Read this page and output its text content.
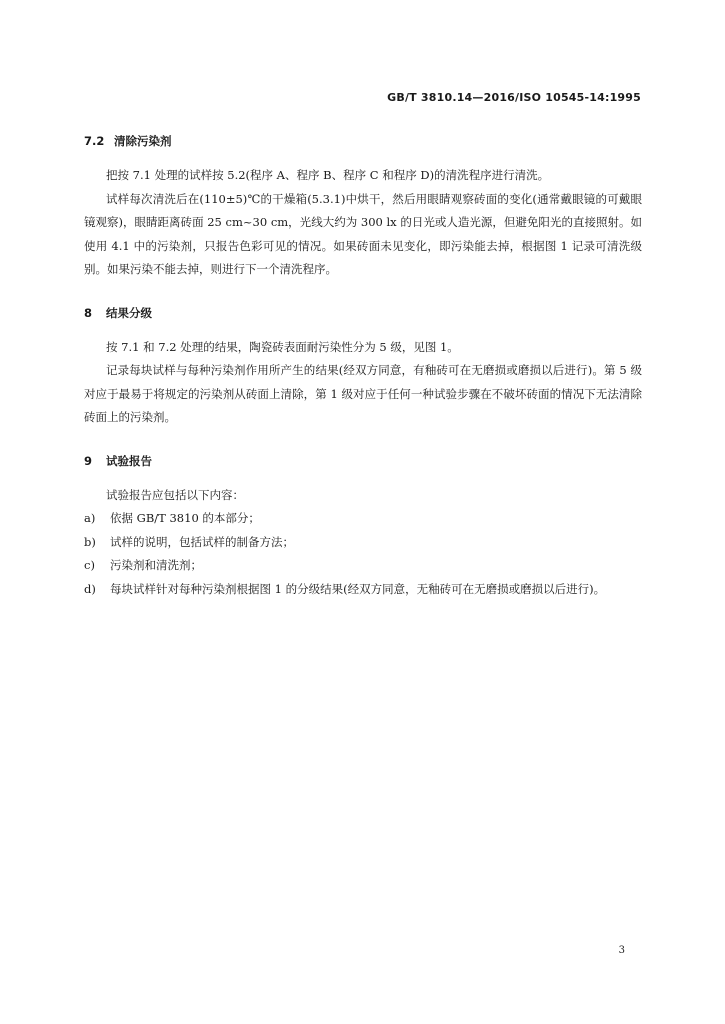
GB/T 3810.14—2016/ISO 10545-14:1995
7.2 清除污染剂

把按 7.1 处理的试样按 5.2(程序 A、程序 B、程序 C 和程序 D)的清洗程序进行清洗。

试样每次清洗后在(110±5)℃的干燥箱(5.3.1)中烘干，然后用眼睛观察砖面的变化(通常戴眼镜的可戴眼镜观察)，眼睛距离砖面 25 cm~30 cm，光线大约为 300 lx 的日光或人造光源，但避免阳光的直接照射。如使用 4.1 中的污染剂，只报告色彩可见的情况。如果砖面未见变化，即污染能去掉，根据图 1 记录可清洗级别。如果污染不能去掉，则进行下一个清洗程序。

8 结果分级

按 7.1 和 7.2 处理的结果，陶瓷砖表面耐污染性分为 5 级，见图 1。

记录每块试样与每种污染剂作用所产生的结果(经双方同意，有釉砖可在无磨损或磨损以后进行)。第 5 级对应于最易于将规定的污染剂从砖面上清除，第 1 级对应于任何一种试验步骤在不破坏砖面的情况下无法清除砖面上的污染剂。

9 试验报告

试验报告应包括以下内容：

a)	依据 GB/T 3810 的本部分；
b)	试样的说明，包括试样的制备方法；
c)	污染剂和清洗剂；
d)	每块试样针对每种污染剂根据图 1 的分级结果(经双方同意，无釉砖可在无磨损或磨损以后进行)。
3
